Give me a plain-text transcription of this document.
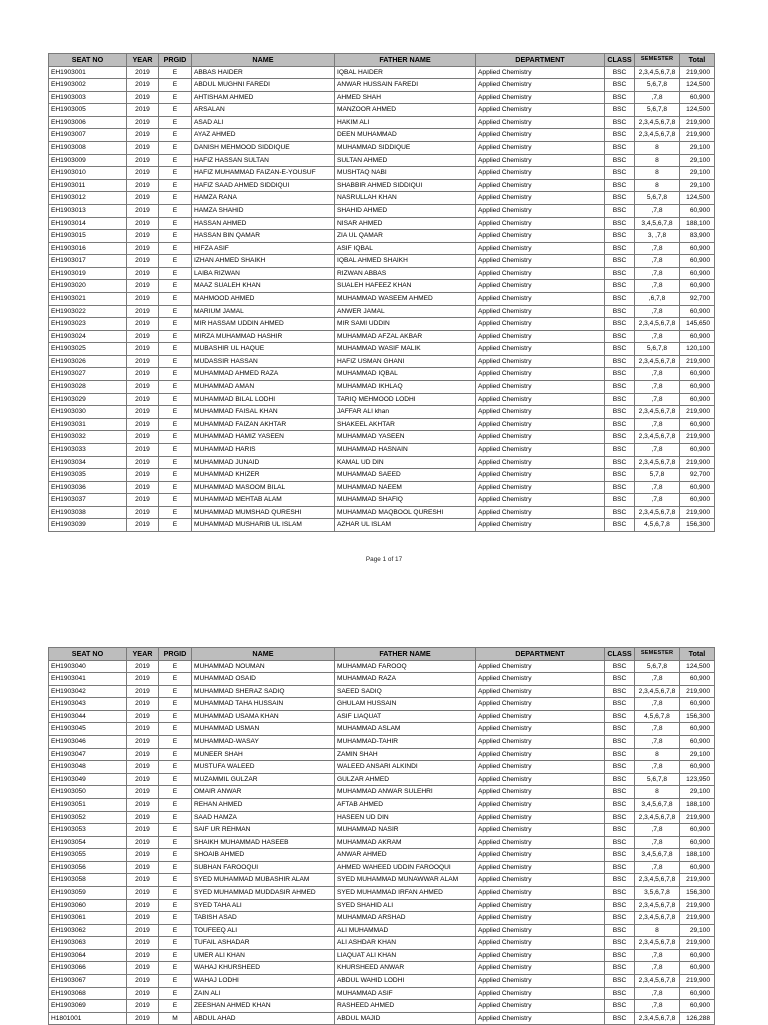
SEAT NO	YEAR	PRGID	NAME	FATHER NAME	DEPARTMENT	CLASS	SEMESTER	Total
EH1903001	2019	E	ABBAS HAIDER	IQBAL HAIDER	Applied Chemistry	BSC	2,3,4,5,6,7,8	219,900
EH1903002	2019	E	ABDUL MUGHNI FAREDI	ANWAR HUSSAIN FAREDI	Applied Chemistry	BSC	5,6,7,8	124,500
EH1903003	2019	E	AHTISHAM AHMED	AHMED SHAH	Applied Chemistry	BSC	,7,8	60,900
EH1903005	2019	E	ARSALAN	MANZOOR AHMED	Applied Chemistry	BSC	5,6,7,8	124,500
EH1903006	2019	E	ASAD ALI	HAKIM ALI	Applied Chemistry	BSC	2,3,4,5,6,7,8	219,900
EH1903007	2019	E	AYAZ AHMED	DEEN MUHAMMAD	Applied Chemistry	BSC	2,3,4,5,6,7,8	219,900
EH1903008	2019	E	DANISH MEHMOOD SIDDIQUE	MUHAMMAD SIDDIQUE	Applied Chemistry	BSC	8	29,100
EH1903009	2019	E	HAFIZ HASSAN SULTAN	SULTAN AHMED	Applied Chemistry	BSC	8	29,100
EH1903010	2019	E	HAFIZ MUHAMMAD FAIZAN-E-YOUSUF	MUSHTAQ NABI	Applied Chemistry	BSC	8	29,100
EH1903011	2019	E	HAFIZ SAAD AHMED SIDDIQUI	SHABBIR AHMED SIDDIQUI	Applied Chemistry	BSC	8	29,100
EH1903012	2019	E	HAMZA RANA	NASRULLAH KHAN	Applied Chemistry	BSC	5,6,7,8	124,500
EH1903013	2019	E	HAMZA SHAHID	SHAHID AHMED	Applied Chemistry	BSC	,7,8	60,900
EH1903014	2019	E	HASSAN AHMED	NISAR AHMED	Applied Chemistry	BSC	3,4,5,6,7,8	188,100
EH1903015	2019	E	HASSAN BIN QAMAR	ZIA UL QAMAR	Applied Chemistry	BSC	3, ,7,8	83,900
EH1903016	2019	E	HIFZA ASIF	ASIF IQBAL	Applied Chemistry	BSC	,7,8	60,900
EH1903017	2019	E	IZHAN AHMED SHAIKH	IQBAL AHMED SHAIKH	Applied Chemistry	BSC	,7,8	60,900
EH1903019	2019	E	LAIBA RIZWAN	RIZWAN ABBAS	Applied Chemistry	BSC	,7,8	60,900
EH1903020	2019	E	MAAZ SUALEH KHAN	SUALEH HAFEEZ KHAN	Applied Chemistry	BSC	,7,8	60,900
EH1903021	2019	E	MAHMOOD AHMED	MUHAMMAD WASEEM AHMED	Applied Chemistry	BSC	,6,7,8	92,700
EH1903022	2019	E	MARIUM JAMAL	ANWER JAMAL	Applied Chemistry	BSC	,7,8	60,900
EH1903023	2019	E	MIR HASSAM UDDIN AHMED	MIR SAMI UDDIN	Applied Chemistry	BSC	2,3,4,5,6,7,8	145,650
EH1903024	2019	E	MIRZA MUHAMMAD HASHIR	MUHAMMAD AFZAL AKBAR	Applied Chemistry	BSC	,7,8	60,900
EH1903025	2019	E	MUBASHIR UL HAQUE	MUHAMMAD WASIF MALIK	Applied Chemistry	BSC	5,6,7,8	120,100
EH1903026	2019	E	MUDASSIR HASSAN	HAFIZ USMAN GHANI	Applied Chemistry	BSC	2,3,4,5,6,7,8	219,900
EH1903027	2019	E	MUHAMMAD AHMED RAZA	MUHAMMAD IQBAL	Applied Chemistry	BSC	,7,8	60,900
EH1903028	2019	E	MUHAMMAD AMAN	MUHAMMAD IKHLAQ	Applied Chemistry	BSC	,7,8	60,900
EH1903029	2019	E	MUHAMMAD BILAL LODHI	TARIQ MEHMOOD LODHI	Applied Chemistry	BSC	,7,8	60,900
EH1903030	2019	E	MUHAMMAD FAISAL KHAN	JAFFAR ALI khan	Applied Chemistry	BSC	2,3,4,5,6,7,8	219,900
EH1903031	2019	E	MUHAMMAD FAIZAN AKHTAR	SHAKEEL AKHTAR	Applied Chemistry	BSC	,7,8	60,900
EH1903032	2019	E	MUHAMMAD HAMIZ YASEEN	MUHAMMAD YASEEN	Applied Chemistry	BSC	2,3,4,5,6,7,8	219,900
EH1903033	2019	E	MUHAMMAD HARIS	MUHAMMAD HASNAIN	Applied Chemistry	BSC	,7,8	60,900
EH1903034	2019	E	MUHAMMAD JUNAID	KAMAL UD DIN	Applied Chemistry	BSC	2,3,4,5,6,7,8	219,900
EH1903035	2019	E	MUHAMMAD KHIZER	MUHAMMAD SAEED	Applied Chemistry	BSC	5,7,8	92,700
EH1903036	2019	E	MUHAMMAD MASOOM BILAL	MUHAMMAD NAEEM	Applied Chemistry	BSC	,7,8	60,900
EH1903037	2019	E	MUHAMMAD MEHTAB ALAM	MUHAMMAD SHAFIQ	Applied Chemistry	BSC	,7,8	60,900
EH1903038	2019	E	MUHAMMAD MUMSHAD QURESHI	MUHAMMAD MAQBOOL QURESHI	Applied Chemistry	BSC	2,3,4,5,6,7,8	219,900
EH1903039	2019	E	MUHAMMAD MUSHARIB UL ISLAM	AZHAR UL ISLAM	Applied Chemistry	BSC	4,5,6,7,8	156,300
Page 1 of 17
SEAT NO	YEAR	PRGID	NAME	FATHER NAME	DEPARTMENT	CLASS	SEMESTER	Total
EH1903040	2019	E	MUHAMMAD NOUMAN	MUHAMMAD FAROOQ	Applied Chemistry	BSC	5,6,7,8	124,500
EH1903041	2019	E	MUHAMMAD OSAID	MUHAMMAD RAZA	Applied Chemistry	BSC	,7,8	60,900
EH1903042	2019	E	MUHAMMAD SHERAZ SADIQ	SAEED SADIQ	Applied Chemistry	BSC	2,3,4,5,6,7,8	219,900
EH1903043	2019	E	MUHAMMAD TAHA HUSSAIN	GHULAM HUSSAIN	Applied Chemistry	BSC	,7,8	60,900
EH1903044	2019	E	MUHAMMAD USAMA KHAN	ASIF LIAQUAT	Applied Chemistry	BSC	4,5,6,7,8	156,300
EH1903045	2019	E	MUHAMMAD USMAN	MUHAMMAD ASLAM	Applied Chemistry	BSC	,7,8	60,900
EH1903046	2019	E	MUHAMMAD-WASAY	MUHAMMAD-TAHIR	Applied Chemistry	BSC	,7,8	60,900
EH1903047	2019	E	MUNEER SHAH	ZAMIN SHAH	Applied Chemistry	BSC	8	29,100
EH1903048	2019	E	MUSTUFA WALEED	WALEED ANSARI ALKINDI	Applied Chemistry	BSC	,7,8	60,900
EH1903049	2019	E	MUZAMMIL GULZAR	GULZAR AHMED	Applied Chemistry	BSC	5,6,7,8	123,950
EH1903050	2019	E	OMAIR ANWAR	MUHAMMAD ANWAR SULEHRI	Applied Chemistry	BSC	8	29,100
EH1903051	2019	E	REHAN AHMED	AFTAB AHMED	Applied Chemistry	BSC	3,4,5,6,7,8	188,100
EH1903052	2019	E	SAAD HAMZA	HASEEN UD DIN	Applied Chemistry	BSC	2,3,4,5,6,7,8	219,900
EH1903053	2019	E	SAIF UR REHMAN	MUHAMMAD NASIR	Applied Chemistry	BSC	,7,8	60,900
EH1903054	2019	E	SHAIKH MUHAMMAD HASEEB	MUHAMMAD AKRAM	Applied Chemistry	BSC	,7,8	60,900
EH1903055	2019	E	SHOAIB AHMED	ANWAR AHMED	Applied Chemistry	BSC	3,4,5,6,7,8	188,100
EH1903056	2019	E	SUBHAN FAROOQUI	AHMED WAHEED UDDIN FAROOQUI	Applied Chemistry	BSC	,7,8	60,900
EH1903058	2019	E	SYED MUHAMMAD MUBASHIR ALAM	SYED MUHAMMAD MUNAWWAR ALAM	Applied Chemistry	BSC	2,3,4,5,6,7,8	219,900
EH1903059	2019	E	SYED MUHAMMAD MUDDASIR AHMED	SYED MUHAMMAD IRFAN AHMED	Applied Chemistry	BSC	3,5,6,7,8	156,300
EH1903060	2019	E	SYED TAHA ALI	SYED SHAHID ALI	Applied Chemistry	BSC	2,3,4,5,6,7,8	219,900
EH1903061	2019	E	TABISH ASAD	MUHAMMAD ARSHAD	Applied Chemistry	BSC	2,3,4,5,6,7,8	219,900
EH1903062	2019	E	TOUFEEQ ALI	ALI MUHAMMAD	Applied Chemistry	BSC	8	29,100
EH1903063	2019	E	TUFAIL ASHADAR	ALI ASHDAR KHAN	Applied Chemistry	BSC	2,3,4,5,6,7,8	219,900
EH1903064	2019	E	UMER ALI KHAN	LIAQUAT ALI KHAN	Applied Chemistry	BSC	,7,8	60,900
EH1903066	2019	E	WAHAJ KHURSHEED	KHURSHEED ANWAR	Applied Chemistry	BSC	,7,8	60,900
EH1903067	2019	E	WAHAJ LODHI	ABDUL WAHID LODHI	Applied Chemistry	BSC	2,3,4,5,6,7,8	219,900
EH1903068	2019	E	ZAIN ALI	MUHAMMAD ASIF	Applied Chemistry	BSC	,7,8	60,900
EH1903069	2019	E	ZEESHAN AHMED KHAN	RASHEED AHMED	Applied Chemistry	BSC	,7,8	60,900
H1801001	2019	M	ABDUL AHAD	ABDUL MAJID	Applied Chemistry	BSC	2,3,4,5,6,7,8	126,288
